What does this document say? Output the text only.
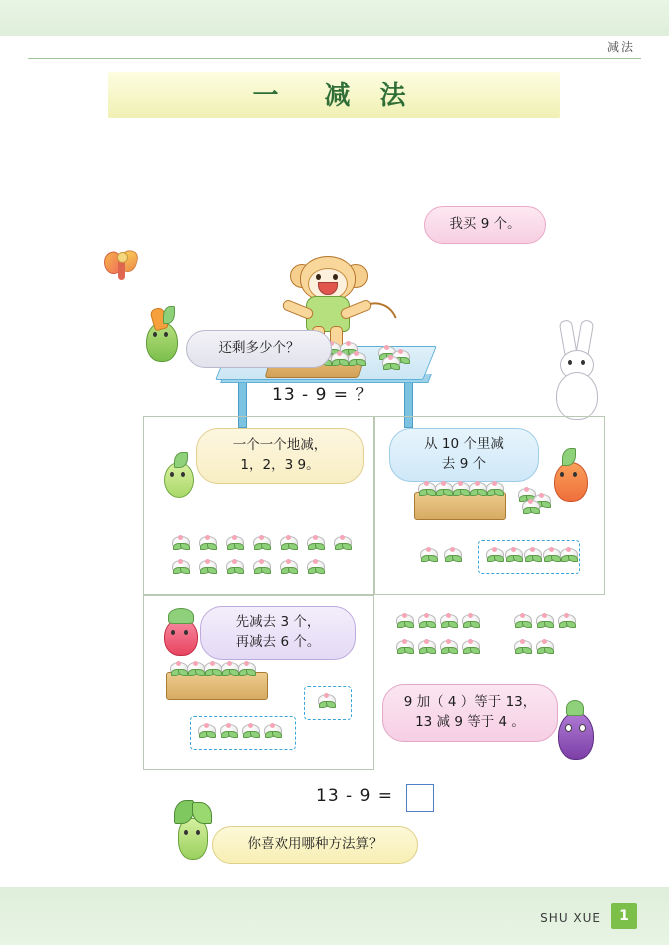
减法
一　减 法
我买 9 个。
还剩多少个？
13 - 9 = ？
一个一个地减，
1，2，3 9。
从 10 个里减
去 9 个
先减去 3 个，
再减去 6 个。
9 加（ 4 ）等于 13，
13 减 9 等于 4 。
13 - 9 =
你喜欢用哪种方法算？
SHU XUE	1
